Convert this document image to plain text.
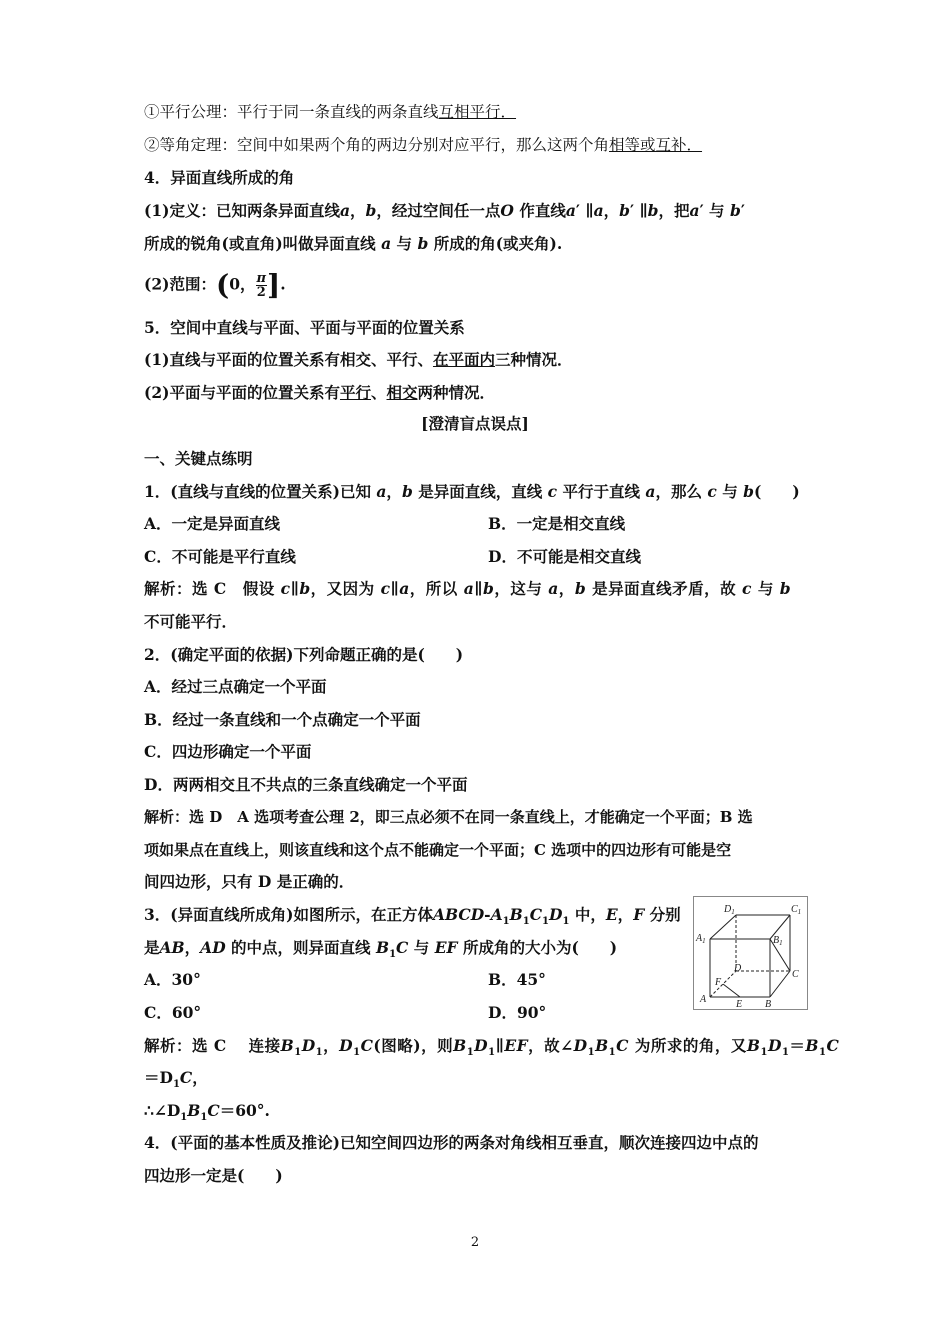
①平行公理：平行于同一条直线的两条直线互相平行．
②等角定理：空间中如果两个角的两边分别对应平行，那么这两个角相等或互补．
4．异面直线所成的角
(1)定义：已知两条异面直线a，b，经过空间任一点O 作直线a′ ∥a，b′ ∥b，把a′ 与 b′
所成的锐角(或直角)叫做异面直线 a 与 b 所成的角(或夹角).
(2)范围：(0， $\frac{\pi}{2}$ ].
5．空间中直线与平面、平面与平面的位置关系
(1)直线与平面的位置关系有相交、平行、在平面内三种情况．
(2)平面与平面的位置关系有平行、相交两种情况．
[澄清盲点误点]
一、关键点练明
1．(直线与直线的位置关系)已知 a，b 是异面直线，直线 c 平行于直线 a，那么 c 与 b(　　)
A．一定是异面直线	B．一定是相交直线
C．不可能是平行直线	D．不可能是相交直线
解析：选 C　假设 c∥b，又因为 c∥a，所以 a∥b，这与 a，b 是异面直线矛盾，故 c 与 b
不可能平行．
2．(确定平面的依据)下列命题正确的是(　　)
A．经过三点确定一个平面
B．经过一条直线和一个点确定一个平面
C．四边形确定一个平面
D．两两相交且不共点的三条直线确定一个平面
解析：选 D　A 选项考查公理 2，即三点必须不在同一条直线上，才能确定一个平面；B 选
项如果点在直线上，则该直线和这个点不能确定一个平面；C 选项中的四边形有可能是空
间四边形，只有 D 是正确的．
3．(异面直线所成角)如图所示，在正方体ABCD-$A_1B_1C_1D_1$ 中，E，F 分别
是AB，AD 的中点，则异面直线 $B_1C$ 与 EF 所成角的大小为(　　)
A．30°	B．45°
C．60°	D．90°
$D_1$	$C_1$
$A_1$	$B_1$
D
C
F
A	E B
解析：选 C　 连接$B_1D_1$，$D_1C$(图略)，则$B_1D_1\parallel EF$，故$\angle D_1B_1C$ 为所求的角，又$B_1D_1=B_1C$
$=D_1C$，
$\therefore\angle D_1B_1C=60^\circ$.
4．(平面的基本性质及推论)已知空间四边形的两条对角线相互垂直，顺次连接四边中点的
四边形一定是(　　)
2
